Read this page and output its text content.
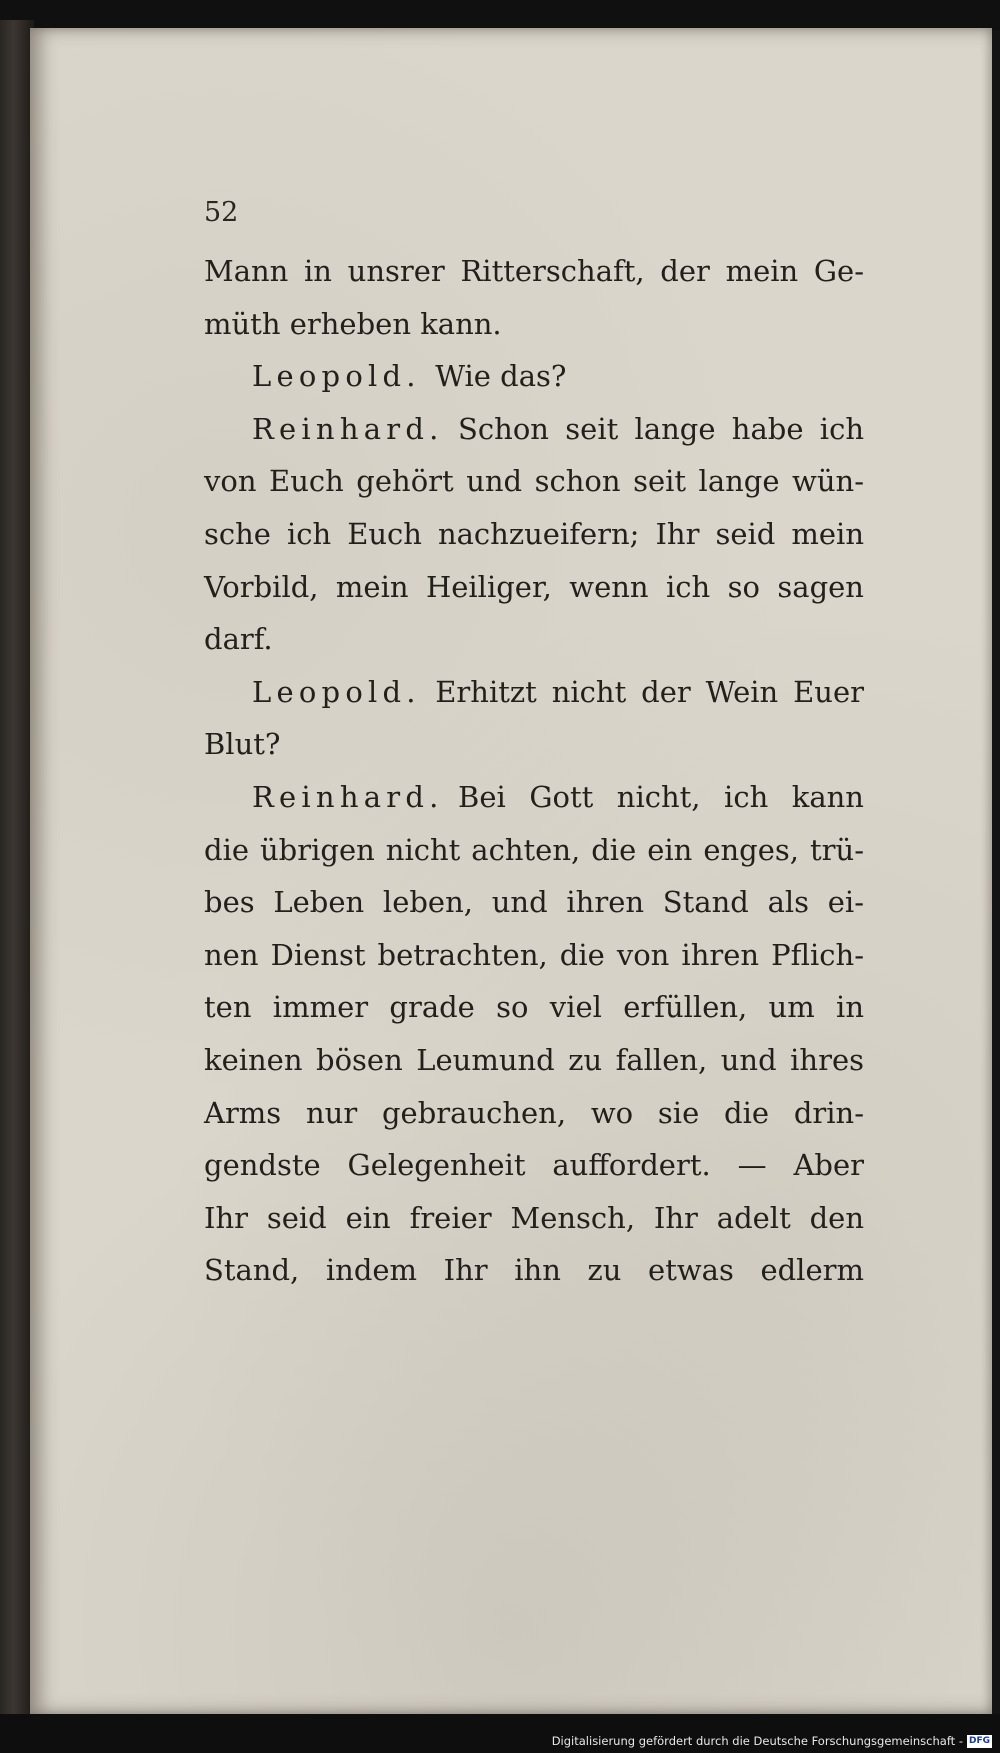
52

Mann in unsrer Ritterschaft, der mein Ge-
müth erheben kann.
Leopold.  Wie das?
Reinhard.  Schon seit lange habe ich
von Euch gehört und schon seit lange wün-
sche ich Euch nachzueifern; Ihr seid mein
Vorbild, mein Heiliger, wenn ich so sagen
darf.
Leopold.  Erhitzt nicht der Wein Euer
Blut?
Reinhard.  Bei Gott nicht, ich kann
die übrigen nicht achten, die ein enges, trü-
bes Leben leben, und ihren Stand als ei-
nen Dienst betrachten, die von ihren Pflich-
ten immer grade so viel erfüllen, um in
keinen bösen Leumund zu fallen, und ihres
Arms nur gebrauchen, wo sie die drin-
gendste Gelegenheit auffordert. — Aber
Ihr seid ein freier Mensch, Ihr adelt den
Stand, indem Ihr ihn zu etwas edlerm
Digitalisierung gefördert durch die Deutsche Forschungsgemeinschaft - DFG
